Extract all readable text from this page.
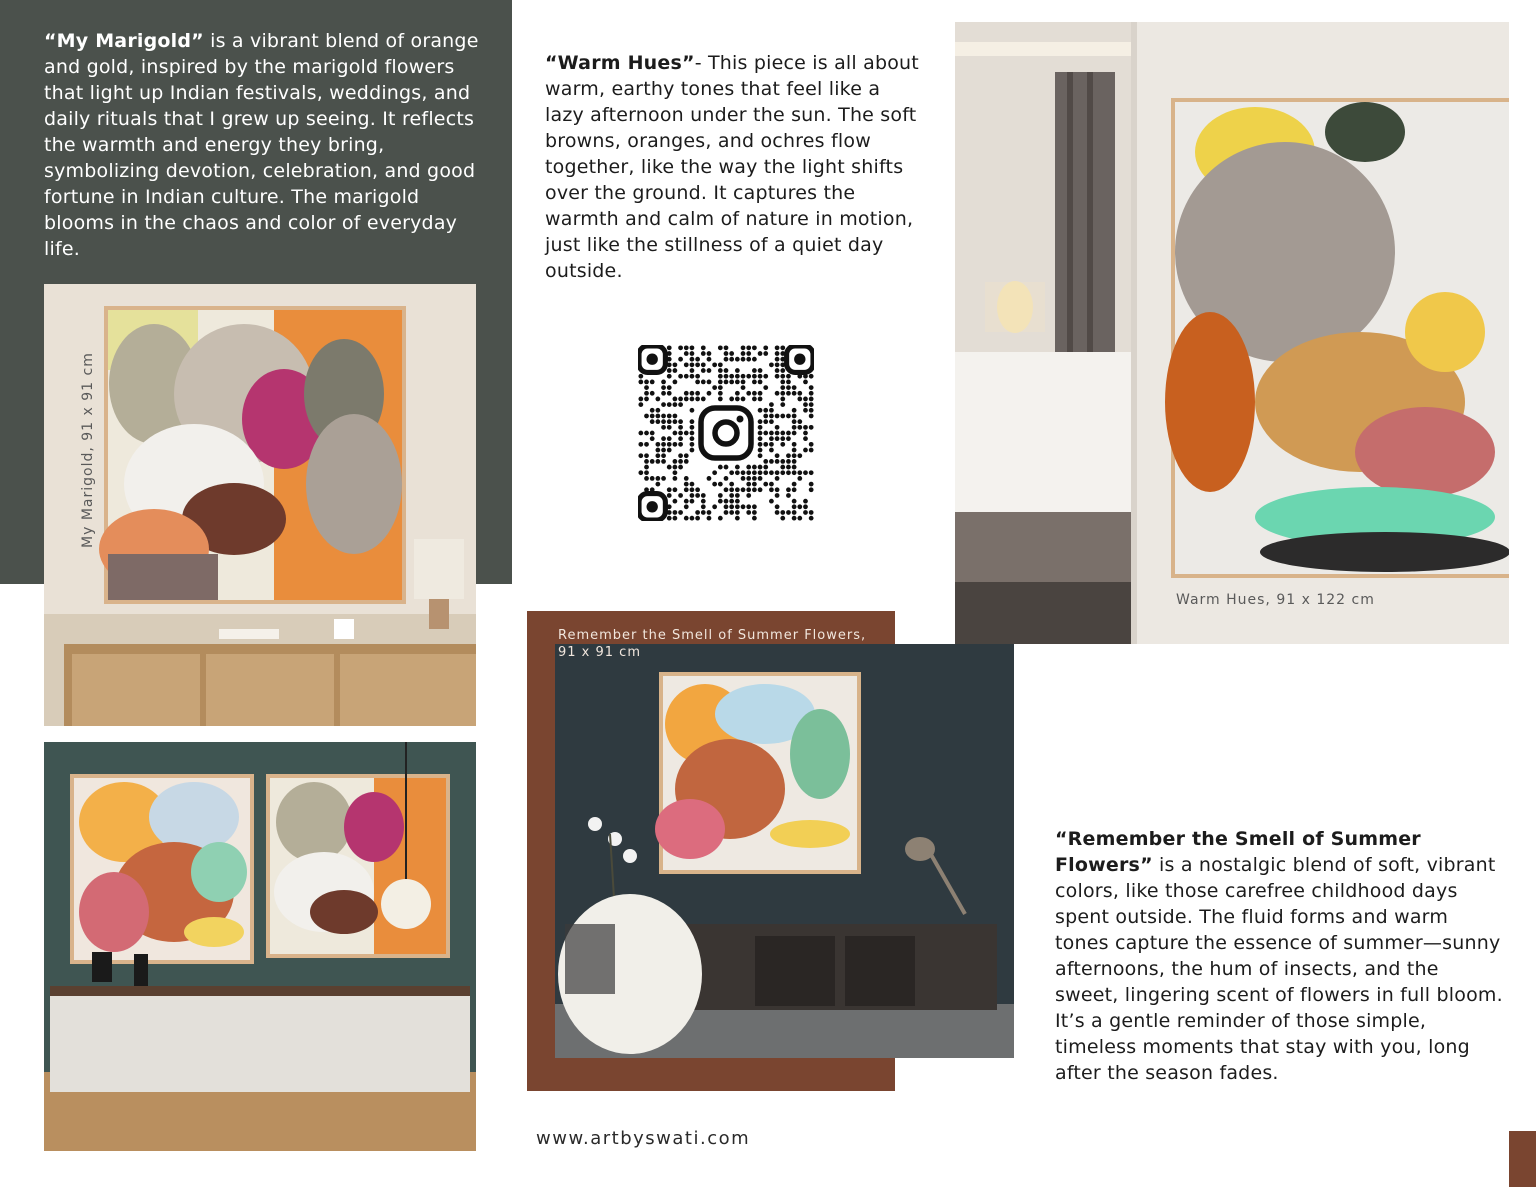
“My Marigold” is a vibrant blend of orange and gold, inspired by the marigold flowers that light up Indian festivals, weddings, and daily rituals that I grew up seeing. It reflects the warmth and energy they bring, symbolizing devotion, celebration, and good fortune in Indian culture. The marigold blooms in the chaos and color of everyday life.
My Marigold, 91 x 91 cm
“Warm Hues”- This piece is all about warm, earthy tones that feel like a lazy afternoon under the sun. The soft browns, oranges, and ochres flow together, like the way the light shifts over the ground. It captures the warmth and calm of nature in motion, just like the stillness of a quiet day outside.
Warm Hues, 91 x 122 cm
Remember the Smell of Summer Flowers,
91 x 91 cm
“Remember the Smell of Summer Flowers” is a nostalgic blend of soft, vibrant colors, like those carefree childhood days spent outside. The fluid forms and warm tones capture the essence of summer—sunny afternoons, the hum of insects, and the sweet, lingering scent of flowers in full bloom. It’s a gentle reminder of those simple, timeless moments that stay with you, long after the season fades.
www.artbyswati.com
